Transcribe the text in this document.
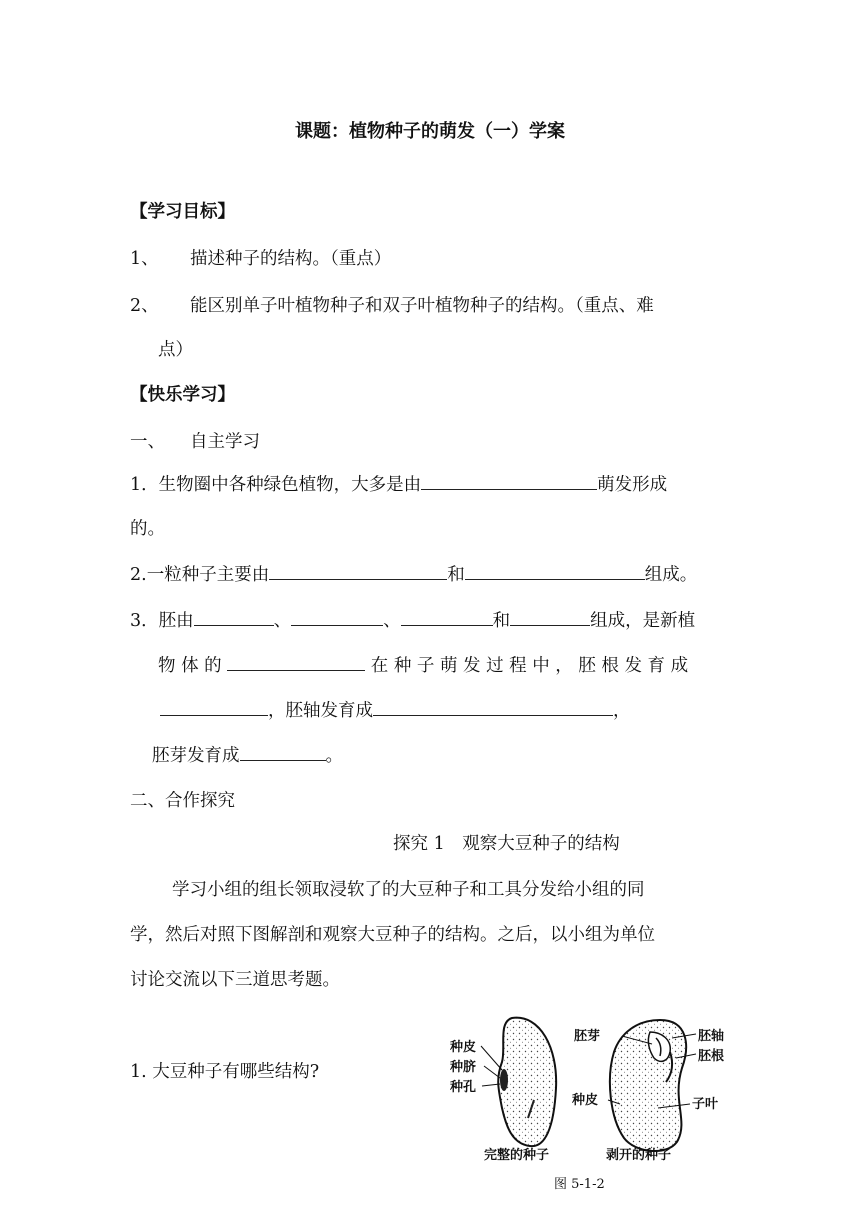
课题：植物种子的萌发（一）学案
【学习目标】
1、 描述种子的结构。（重点）
2、 能区别单子叶植物种子和双子叶植物种子的结构。（重点、难
点）
【快乐学习】
一、 自主学习
1．生物圈中各种绿色植物，大多是由	萌发形成
的。
2.一粒种子主要由	和	组成。
3．胚由	、	、	和	组成，是新植
物 体 的	在 种 子 萌 发 过 程 中 ， 胚 根 发 育 成
，胚轴发育成	，
胚芽发育成	。
二、合作探究
探究 1　观察大豆种子的结构
学习小组的组长领取浸软了的大豆种子和工具分发给小组的同
学，然后对照下图解剖和观察大豆种子的结构。之后，以小组为单位
讨论交流以下三道思考题。
1. 大豆种子有哪些结构?
种皮
种脐
种孔
胚芽	胚轴
胚根
种皮	子叶
完整的种子	剥开的种子
图 5-1-2
